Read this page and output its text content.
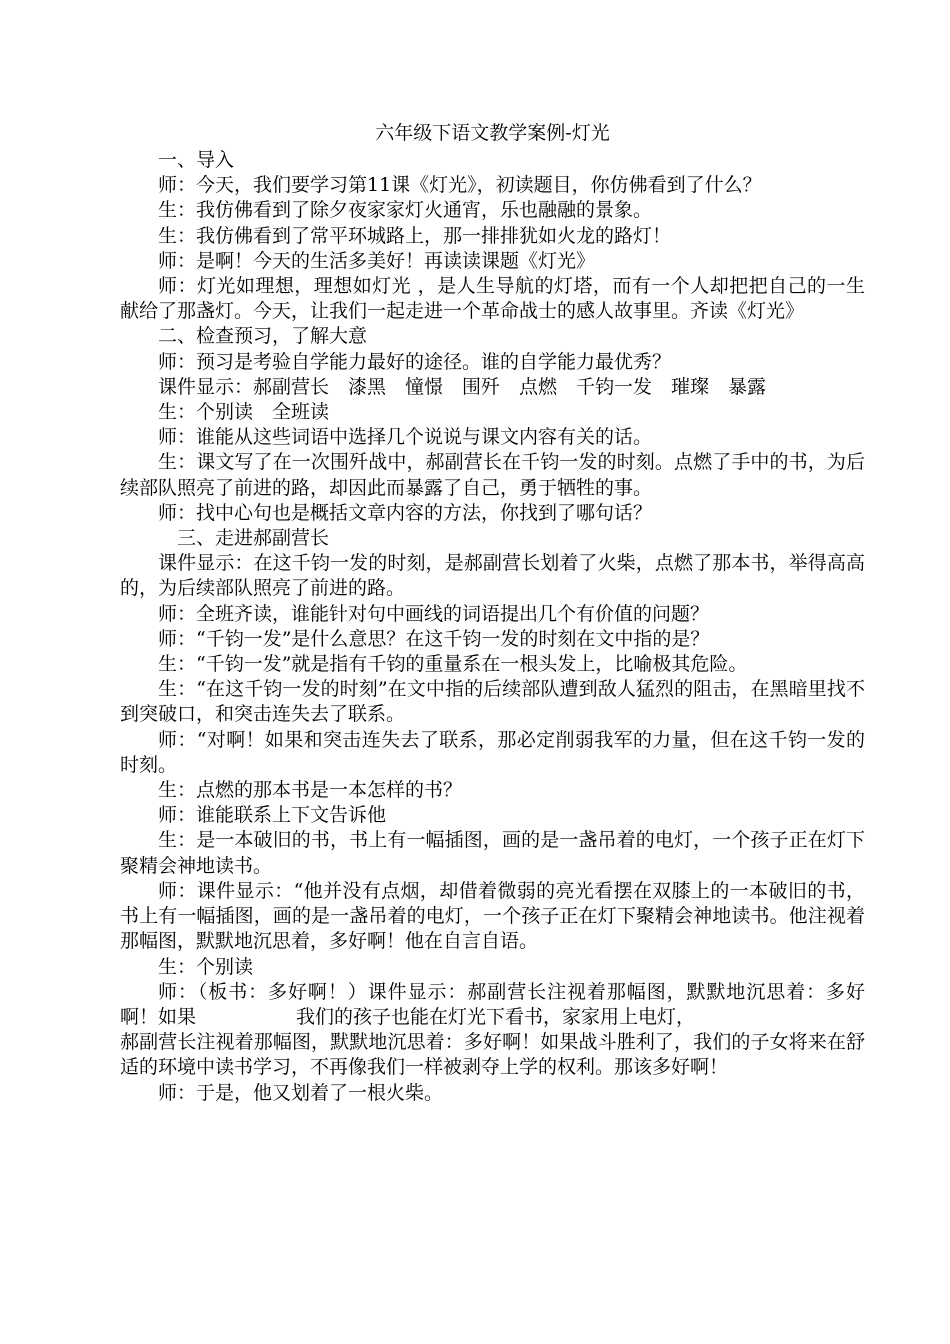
六年级下语文教学案例-灯光

一、导入

师：今天，我们要学习第11课《灯光》，初读题目，你仿佛看到了什么？

生：我仿佛看到了除夕夜家家灯火通宵，乐也融融的景象。

生：我仿佛看到了常平环城路上，那一排排犹如火龙的路灯！

师：是啊！今天的生活多美好！再读读课题《灯光》

师：灯光如理想，理想如灯光 ，是人生导航的灯塔，而有一个人却把把自己的一生献给了那盏灯。今天，让我们一起走进一个革命战士的感人故事里。齐读《灯光》

二、检查预习，了解大意

师：预习是考验自学能力最好的途径。谁的自学能力最优秀？

课件显示：郝副营长　漆黑　憧憬　围歼　点燃　千钧一发　璀璨　暴露

生：个别读　全班读

师：谁能从这些词语中选择几个说说与课文内容有关的话。

生：课文写了在一次围歼战中，郝副营长在千钧一发的时刻。点燃了手中的书，为后续部队照亮了前进的路，却因此而暴露了自己，勇于牺牲的事。

师：找中心句也是概括文章内容的方法，你找到了哪句话？

三、走进郝副营长

课件显示：在这千钧一发的时刻，是郝副营长划着了火柴，点燃了那本书，举得高高的，为后续部队照亮了前进的路。

师：全班齐读，谁能针对句中画线的词语提出几个有价值的问题？

师：“千钧一发”是什么意思？在这千钧一发的时刻在文中指的是？

生：“千钧一发”就是指有千钧的重量系在一根头发上，比喻极其危险。

生：“在这千钧一发的时刻”在文中指的后续部队遭到敌人猛烈的阻击，在黑暗里找不到突破口，和突击连失去了联系。

师：“对啊！如果和突击连失去了联系，那必定削弱我军的力量，但在这千钧一发的时刻。

生：点燃的那本书是一本怎样的书？

师：谁能联系上下文告诉他

生：是一本破旧的书，书上有一幅插图，画的是一盏吊着的电灯，一个孩子正在灯下聚精会神地读书。

师：课件显示：“他并没有点烟，却借着微弱的亮光看摆在双膝上的一本破旧的书，书上有一幅插图，画的是一盏吊着的电灯，一个孩子正在灯下聚精会神地读书。他注视着那幅图，默默地沉思着，多好啊！他在自言自语。

生：个别读

师：（板书：多好啊！）课件显示：郝副营长注视着那幅图，默默地沉思着：多好啊！如果	我们的孩子也能在灯光下看书，家家用上电灯，

郝副营长注视着那幅图，默默地沉思着：多好啊！如果战斗胜利了，我们的子女将来在舒适的环境中读书学习，不再像我们一样被剥夺上学的权利。那该多好啊！

师：于是，他又划着了一根火柴。
